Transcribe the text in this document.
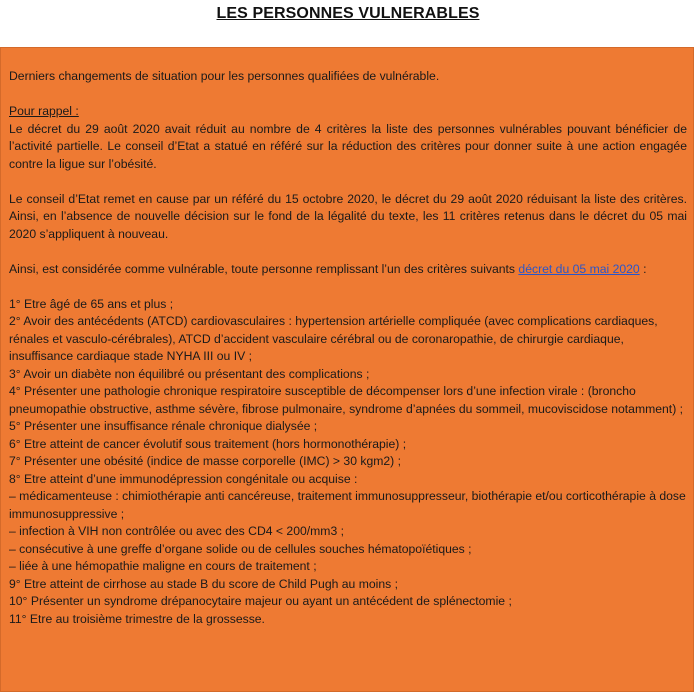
LES PERSONNES VULNERABLES

Derniers changements de situation pour les personnes qualifiées de vulnérable.

Pour rappel :

Le décret du 29 août 2020 avait réduit au nombre de 4 critères la liste des personnes vulnérables pouvant bénéficier de l’activité partielle. Le conseil d’Etat a statué en référé sur la réduction des critères pour donner suite à une action engagée contre la ligue sur l’obésité.

Le conseil d’Etat remet en cause par un référé du 15 octobre 2020, le décret du 29 août 2020 réduisant la liste des critères. Ainsi, en l’absence de nouvelle décision sur le fond de la légalité du texte, les 11 critères retenus dans le décret du 05 mai 2020 s’appliquent à nouveau.

Ainsi, est considérée comme vulnérable, toute personne remplissant l’un des critères suivants décret du 05 mai 2020 :

1° Etre âgé de 65 ans et plus ;
2° Avoir des antécédents (ATCD) cardiovasculaires : hypertension artérielle compliquée (avec complications cardiaques, rénales et vasculo-cérébrales), ATCD d’accident vasculaire cérébral ou de coronaropathie, de chirurgie cardiaque, insuffisance cardiaque stade NYHA III ou IV ;
3° Avoir un diabète non équilibré ou présentant des complications ;
4° Présenter une pathologie chronique respiratoire susceptible de décompenser lors d’une infection virale : (broncho pneumopathie obstructive, asthme sévère, fibrose pulmonaire, syndrome d’apnées du sommeil, mucoviscidose notamment) ;
5° Présenter une insuffisance rénale chronique dialysée ;
6° Etre atteint de cancer évolutif sous traitement (hors hormonothérapie) ;
7° Présenter une obésité (indice de masse corporelle (IMC) > 30 kgm2) ;
8° Etre atteint d’une immunodépression congénitale ou acquise :
– médicamenteuse : chimiothérapie anti cancéreuse, traitement immunosuppresseur, biothérapie et/ou corticothérapie à dose immunosuppressive ;
– infection à VIH non contrôlée ou avec des CD4 < 200/mm3 ;
– consécutive à une greffe d’organe solide ou de cellules souches hématopoïétiques ;
– liée à une hémopathie maligne en cours de traitement ;
9° Etre atteint de cirrhose au stade B du score de Child Pugh au moins ;
10° Présenter un syndrome drépanocytaire majeur ou ayant un antécédent de splénectomie ;
11° Etre au troisième trimestre de la grossesse.
